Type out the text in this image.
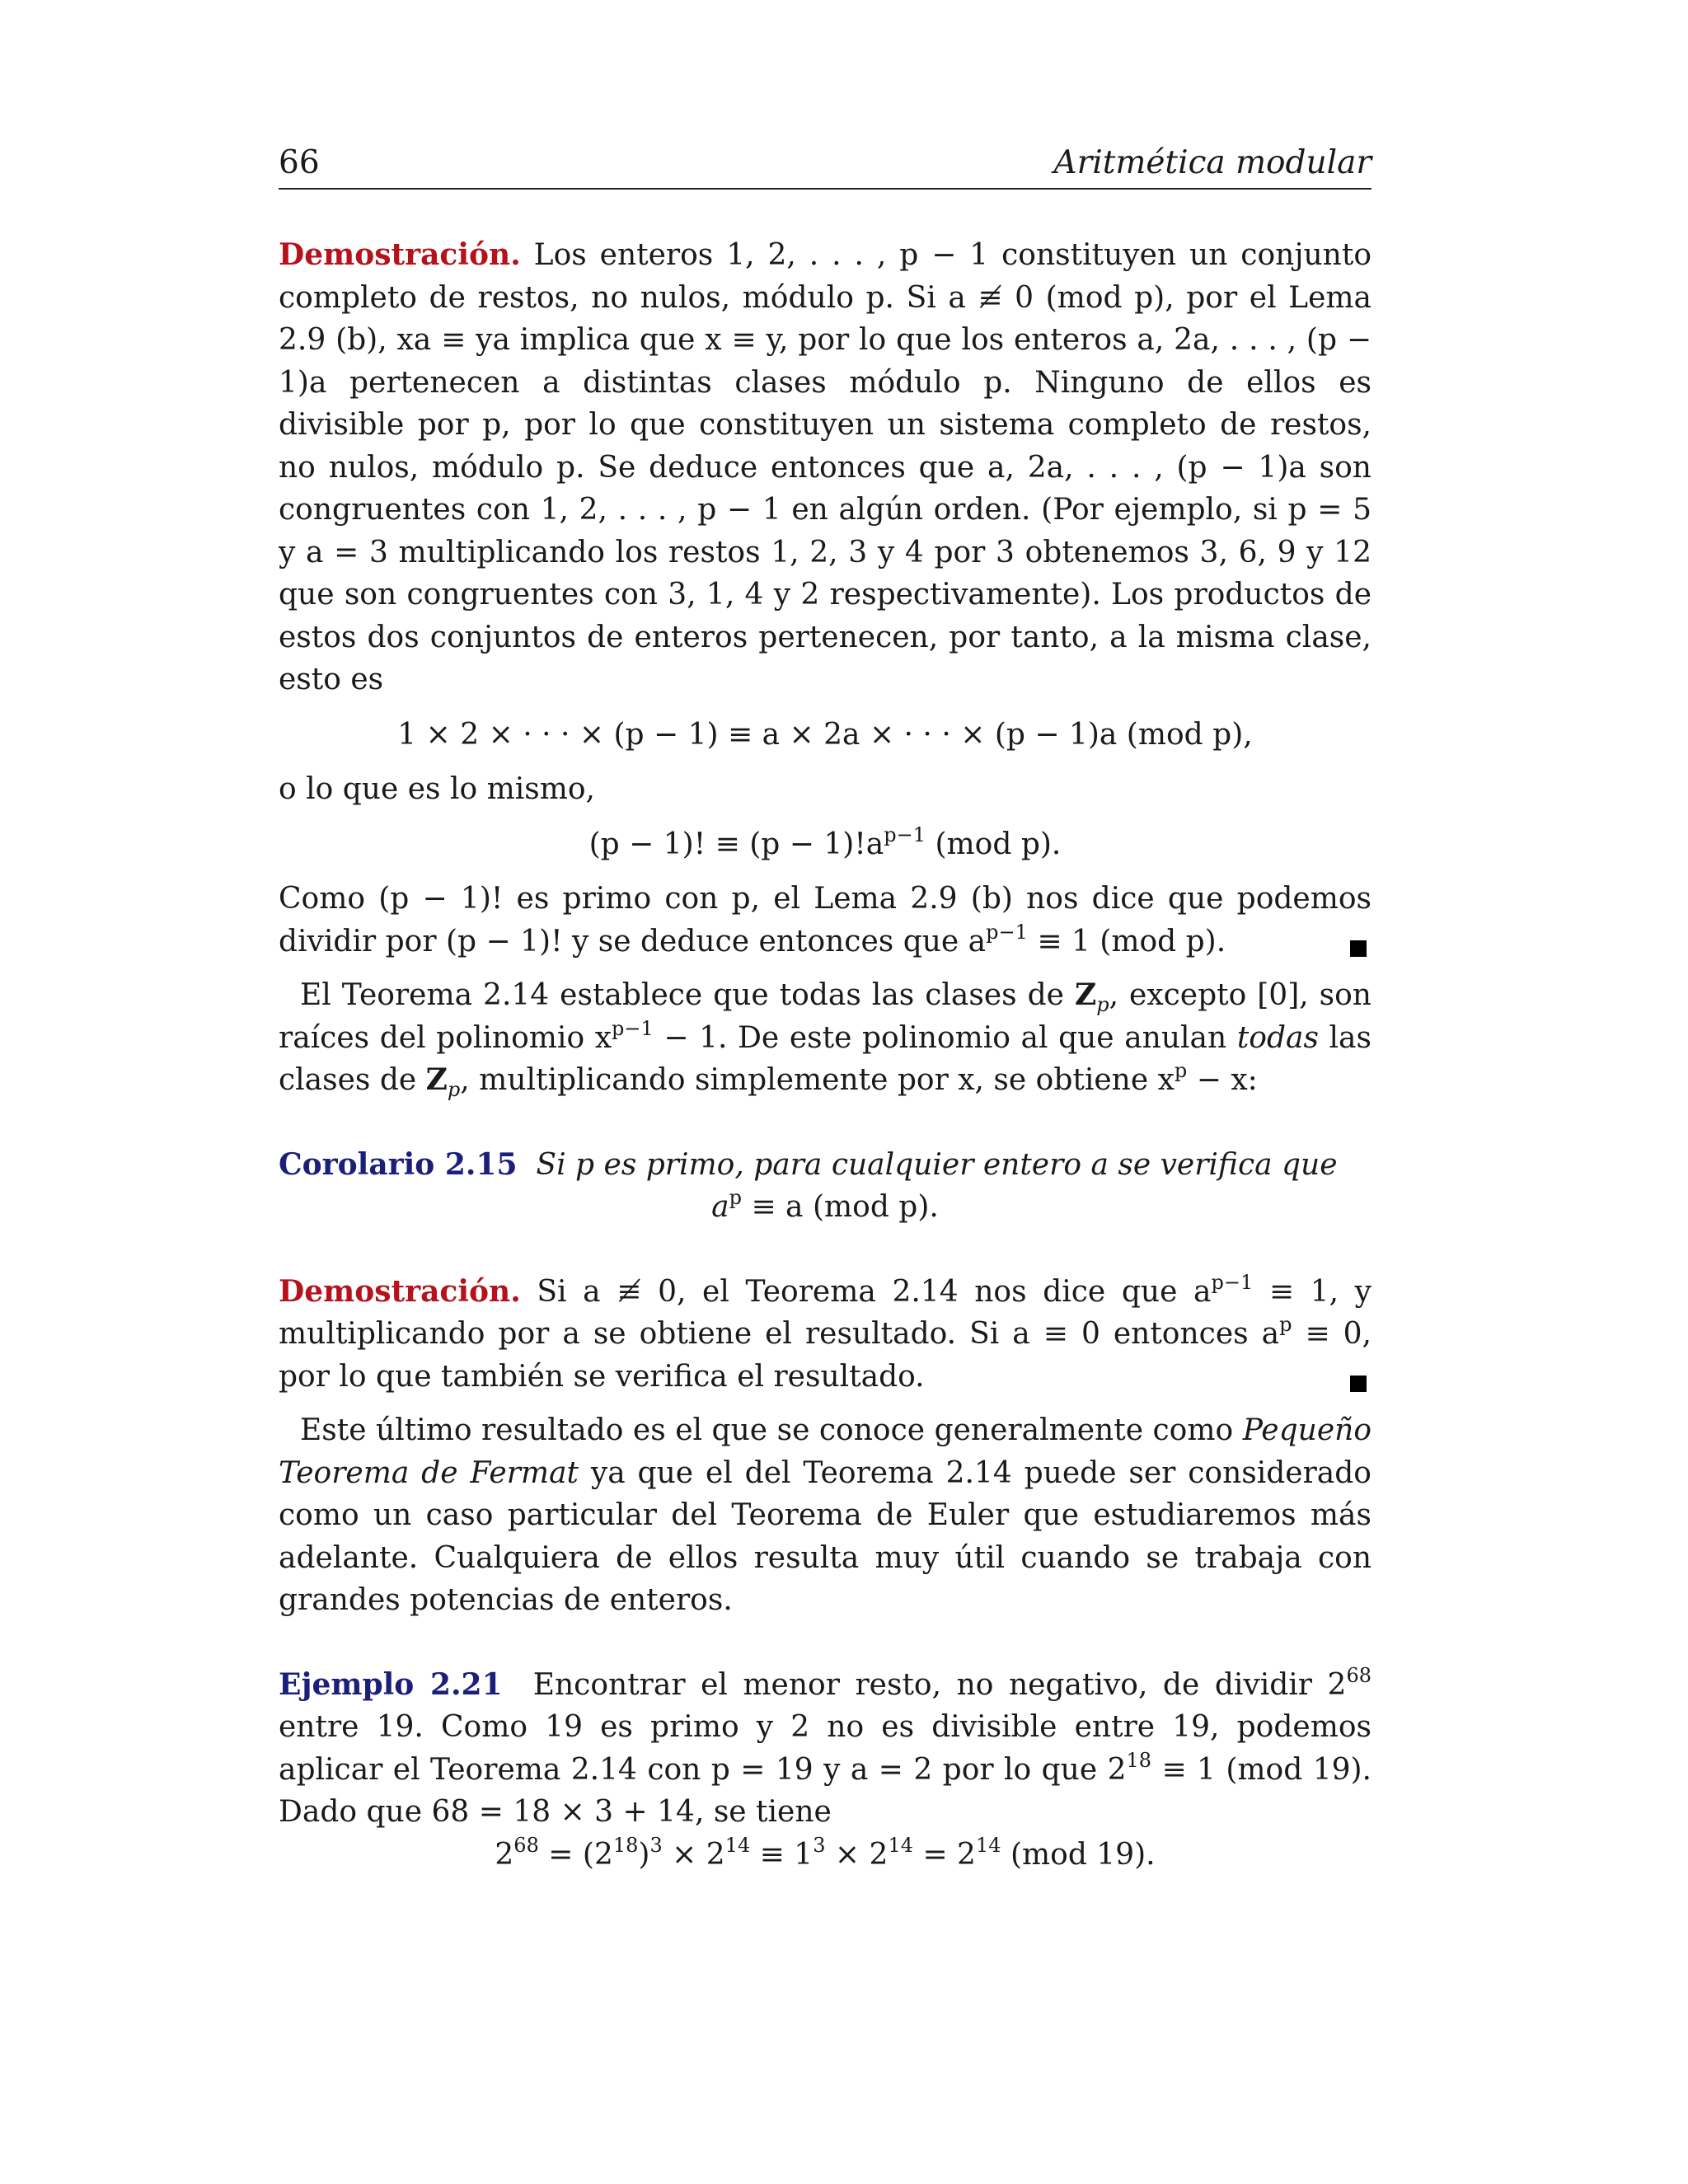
66	Aritmética modular

Demostración. Los enteros 1, 2, . . . , p − 1 constituyen un conjunto completo de restos, no nulos, módulo p. Si a ≢ 0 (mod p), por el Lema 2.9 (b), xa ≡ ya implica que x ≡ y, por lo que los enteros a, 2a, . . . , (p − 1)a pertenecen a distintas clases módulo p. Ninguno de ellos es divisible por p, por lo que constituyen un sistema completo de restos, no nulos, módulo p. Se deduce entonces que a, 2a, . . . , (p − 1)a son congruentes con 1, 2, . . . , p − 1 en algún orden. (Por ejemplo, si p = 5 y a = 3 multiplicando los restos 1, 2, 3 y 4 por 3 obtenemos 3, 6, 9 y 12 que son congruentes con 3, 1, 4 y 2 respectivamente). Los productos de estos dos conjuntos de enteros pertenecen, por tanto, a la misma clase, esto es

1 × 2 × · · · × (p − 1) ≡ a × 2a × · · · × (p − 1)a (mod p),

o lo que es lo mismo,

(p − 1)! ≡ $(p - 1)!a^{p-1}$ (mod p).

Como (p − 1)! es primo con p, el Lema 2.9 (b) nos dice que podemos dividir por (p − 1)! y se deduce entonces que $a^{p-1} \equiv 1$ (mod p).

El Teorema 2.14 establece que todas las clases de $Z_p$, excepto [0], son raíces del polinomio $x^{p-1} - 1$. De este polinomio al que anulan todas las clases de $Z_p$, multiplicando simplemente por x, se obtiene $x^p - x$:

Corolario 2.15 Si p es primo, para cualquier entero a se verifica que

$a^p \equiv a$ (mod p).

Demostración. Si a ≢ 0, el Teorema 2.14 nos dice que $a^{p-1} \equiv 1$, y multiplicando por a se obtiene el resultado. Si a ≡ 0 entonces $a^p \equiv 0$, por lo que también se verifica el resultado.

Este último resultado es el que se conoce generalmente como Pequeño Teorema de Fermat ya que el del Teorema 2.14 puede ser considerado como un caso particular del Teorema de Euler que estudiaremos más adelante. Cualquiera de ellos resulta muy útil cuando se trabaja con grandes potencias de enteros.

Ejemplo 2.21 Encontrar el menor resto, no negativo, de dividir $2^{68}$ entre 19. Como 19 es primo y 2 no es divisible entre 19, podemos aplicar el Teorema 2.14 con p = 19 y a = 2 por lo que $2^{18} \equiv 1$ (mod 19). Dado que 68 = 18 × 3 + 14, se tiene

$2^{68} = (2^{18})^3 \times 2^{14} \equiv 1^3 \times 2^{14} = 2^{14}$ (mod 19).
